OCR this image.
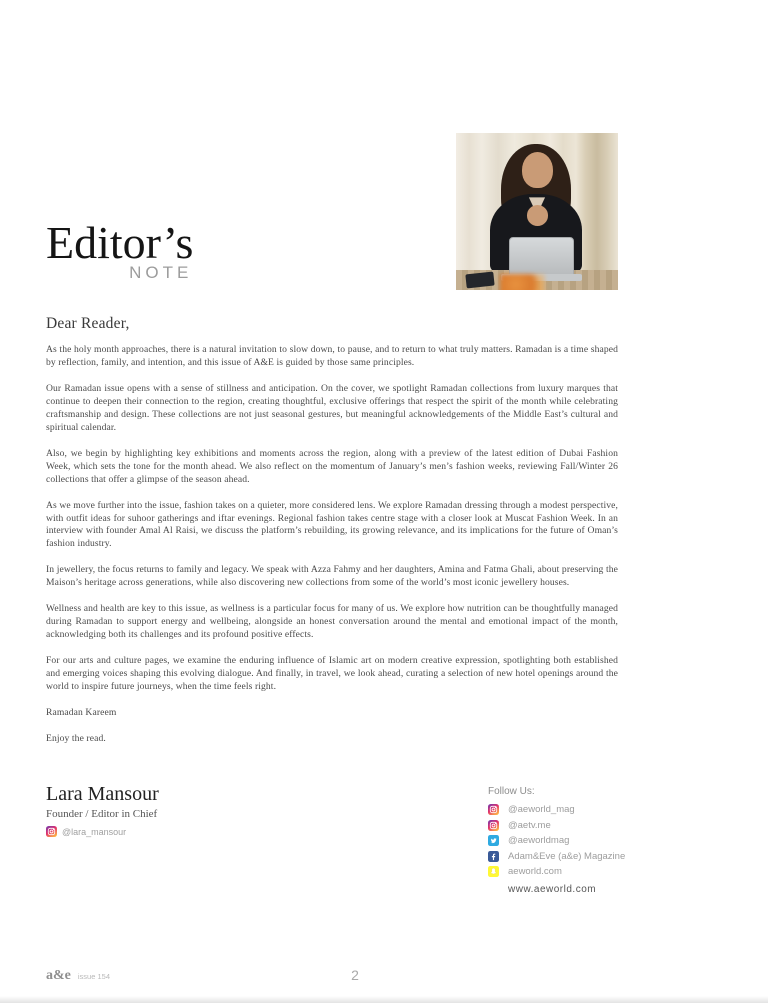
Editor’s
NOTE
Dear Reader,

As the holy month approaches, there is a natural invitation to slow down, to pause, and to return to what truly matters. Ramadan is a time shaped by reflection, family, and intention, and this issue of A&E is guided by those same principles.

Our Ramadan issue opens with a sense of stillness and anticipation. On the cover, we spotlight Ramadan collections from luxury marques that continue to deepen their connection to the region, creating thoughtful, exclusive offerings that respect the spirit of the month while celebrating craftsmanship and design. These collections are not just seasonal gestures, but meaningful acknowledgements of the Middle East’s cultural and spiritual calendar.

Also, we begin by highlighting key exhibitions and moments across the region, along with a preview of the latest edition of Dubai Fashion Week, which sets the tone for the month ahead. We also reflect on the momentum of January’s men’s fashion weeks, reviewing Fall/Winter 26 collections that offer a glimpse of the season ahead.

As we move further into the issue, fashion takes on a quieter, more considered lens. We explore Ramadan dressing through a modest perspective, with outfit ideas for suhoor gatherings and iftar evenings. Regional fashion takes centre stage with a closer look at Muscat Fashion Week. In an interview with founder Amal Al Raisi, we discuss the platform’s rebuilding, its growing relevance, and its implications for the future of Oman’s fashion industry.

In jewellery, the focus returns to family and legacy. We speak with Azza Fahmy and her daughters, Amina and Fatma Ghali, about preserving the Maison’s heritage across generations, while also discovering new collections from some of the world’s most iconic jewellery houses.

Wellness and health are key to this issue, as wellness is a particular focus for many of us. We explore how nutrition can be thoughtfully managed during Ramadan to support energy and wellbeing, alongside an honest conversation around the mental and emotional impact of the month, acknowledging both its challenges and its profound positive effects.

For our arts and culture pages, we examine the enduring influence of Islamic art on modern creative expression, spotlighting both established and emerging voices shaping this evolving dialogue. And finally, in travel, we look ahead, curating a selection of new hotel openings around the world to inspire future journeys, when the time feels right.

Ramadan Kareem

Enjoy the read.

Lara Mansour
Founder / Editor in Chief
@lara_mansour
Follow Us:
@aeworld_mag
@aetv.me
@aeworldmag
Adam&Eve (a&e) Magazine
aeworld.com
www.aeworld.com
a&e issue 154	2
